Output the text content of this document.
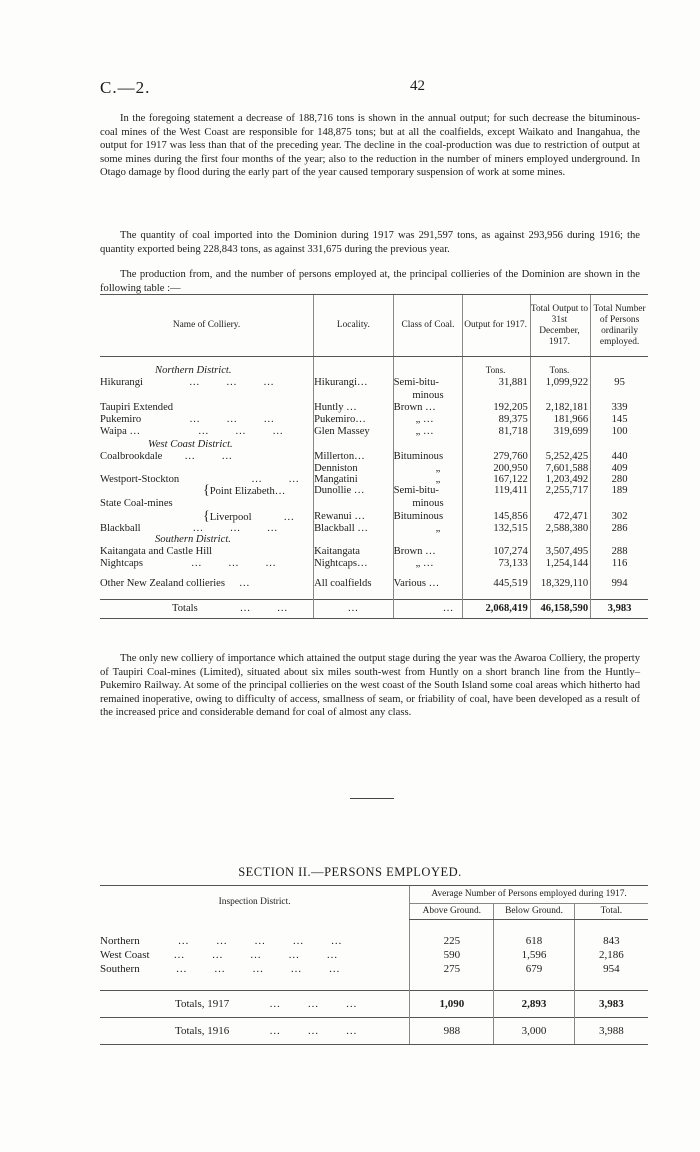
C.—2.	42

In the foregoing statement a decrease of 188,716 tons is shown in the annual output; for such decrease the bituminous-coal mines of the West Coast are responsible for 148,875 tons; but at all the coalfields, except Waikato and Inangahua, the output for 1917 was less than that of the preceding year. The decline in the coal-production was due to restriction of output at some mines during the first four months of the year; also to the reduction in the number of miners employed underground. In Otago damage by flood during the early part of the year caused temporary suspension of work at some mines.

The quantity of coal imported into the Dominion during 1917 was 291,597 tons, as against 293,956 during 1916; the quantity exported being 228,843 tons, as against 331,675 during the previous year.

The production from, and the number of persons employed at, the principal collieries of the Dominion are shown in the following table :—

Name of Colliery.	Locality.	Class of Coal.	Output for 1917.	Total Output to 31st December, 1917.	Total Number of Persons ordinarily employed.

Northern District.			Tons.	Tons.	
Hikurangi …       …       …	Hikurangi…	Semi-bitu-	31,881	1,099,922	95
		minous			
Taupiri Extended	Huntly …	Brown …	192,205	2,182,181	339
Pukemiro …       …       …	Pukemiro…	„ …	89,375	181,966	145
Waipa … …       …       …	Glen Massey	„ …	81,718	319,699	100
West Coast District.					
Coalbrookdale …       …	Millerton…	Bituminous	279,760	5,252,425	440
	Denniston	„	200,950	7,601,588	409
Westport-Stockton …       …	Mangatini	„	167,122	1,203,492	280
{Point Elizabeth…	Dunollie …	Semi-bitu-	119,411	2,255,717	189
State Coal-mines		minous			
{Liverpool …	Rewanui …	Bituminous	145,856	472,471	302
Blackball …       …       …	Blackball …	„	132,515	2,588,380	286
Southern District.					
Kaitangata and Castle Hill	Kaitangata	Brown …	107,274	3,507,495	288
Nightcaps …       …       …	Nightcaps…	„ …	73,133	1,254,144	116

Other New Zealand collieries …	All coalfields	Various …	445,519	18,329,110	994

Totals …       …	…	…	2,068,419	46,158,590	3,983

The only new colliery of importance which attained the output stage during the year was the Awaroa Colliery, the property of Taupiri Coal-mines (Limited), situated about six miles south-west from Huntly on a short branch line from the Huntly–Pukemiro Railway. At some of the principal collieries on the west coast of the South Island some coal areas which hitherto had remained inoperative, owing to difficulty of access, smallness of seam, or friability of coal, have been developed as a result of the increased price and considerable demand for coal of almost any class.

SECTION II.—PERSONS EMPLOYED.
Inspection District.	Average Number of Persons employed during 1917.		
	Above Ground.	Below Ground.	Total.

Northern …       …       …       …       …	225	618	843
West Coast …       …       …       …       …	590	1,596	2,186
Southern …       …       …       …       …	275	679	954

Totals, 1917 …       …       …	1,090	2,893	3,983
Totals, 1916 …       …       …	988	3,000	3,988
